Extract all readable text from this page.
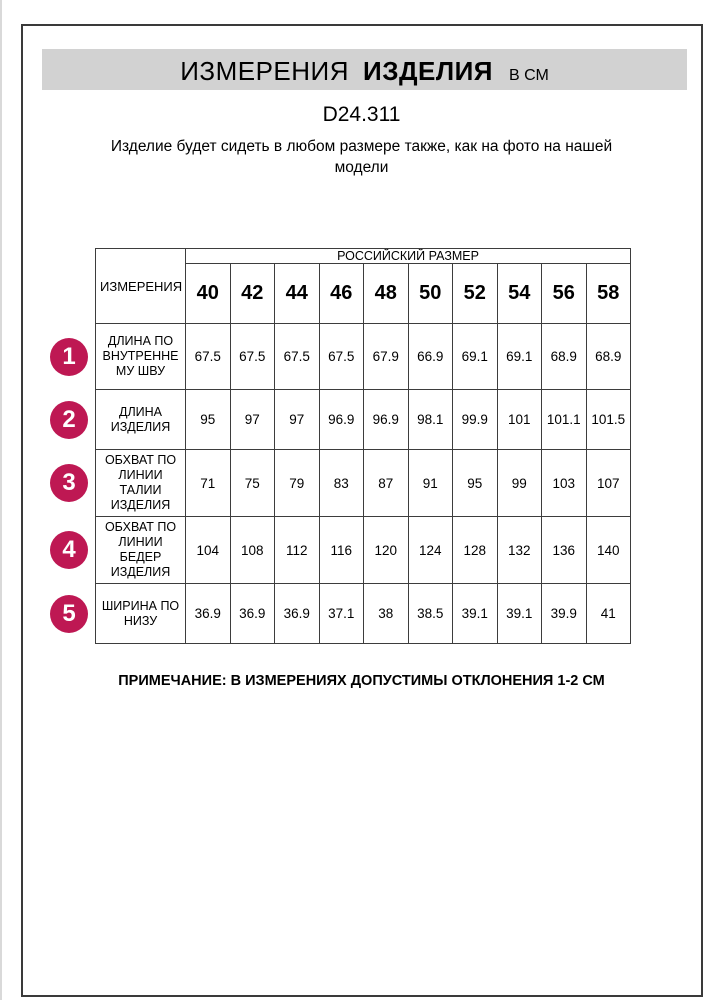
ИЗМЕРЕНИЯ ИЗДЕЛИЯ В СМ
D24.311
Изделие будет сидеть в любом размере также, как на фото на нашей модели
ИЗМЕРЕНИЯ	РОССИЙСКИЙ РАЗМЕР									
	40	42	44	46	48	50	52	54	56	58
ДЛИНА ПО ВНУТРЕННЕМУ ШВУ	67.5	67.5	67.5	67.5	67.9	66.9	69.1	69.1	68.9	68.9
ДЛИНА ИЗДЕЛИЯ	95	97	97	96.9	96.9	98.1	99.9	101	101.1	101.5
ОБХВАТ ПО ЛИНИИ ТАЛИИ ИЗДЕЛИЯ	71	75	79	83	87	91	95	99	103	107
ОБХВАТ ПО ЛИНИИ БЕДЕР ИЗДЕЛИЯ	104	108	112	116	120	124	128	132	136	140
ШИРИНА ПО НИЗУ	36.9	36.9	36.9	37.1	38	38.5	39.1	39.1	39.9	41
ПРИМЕЧАНИЕ: В ИЗМЕРЕНИЯХ ДОПУСТИМЫ ОТКЛОНЕНИЯ 1-2 СМ
1
2
3
4
5
